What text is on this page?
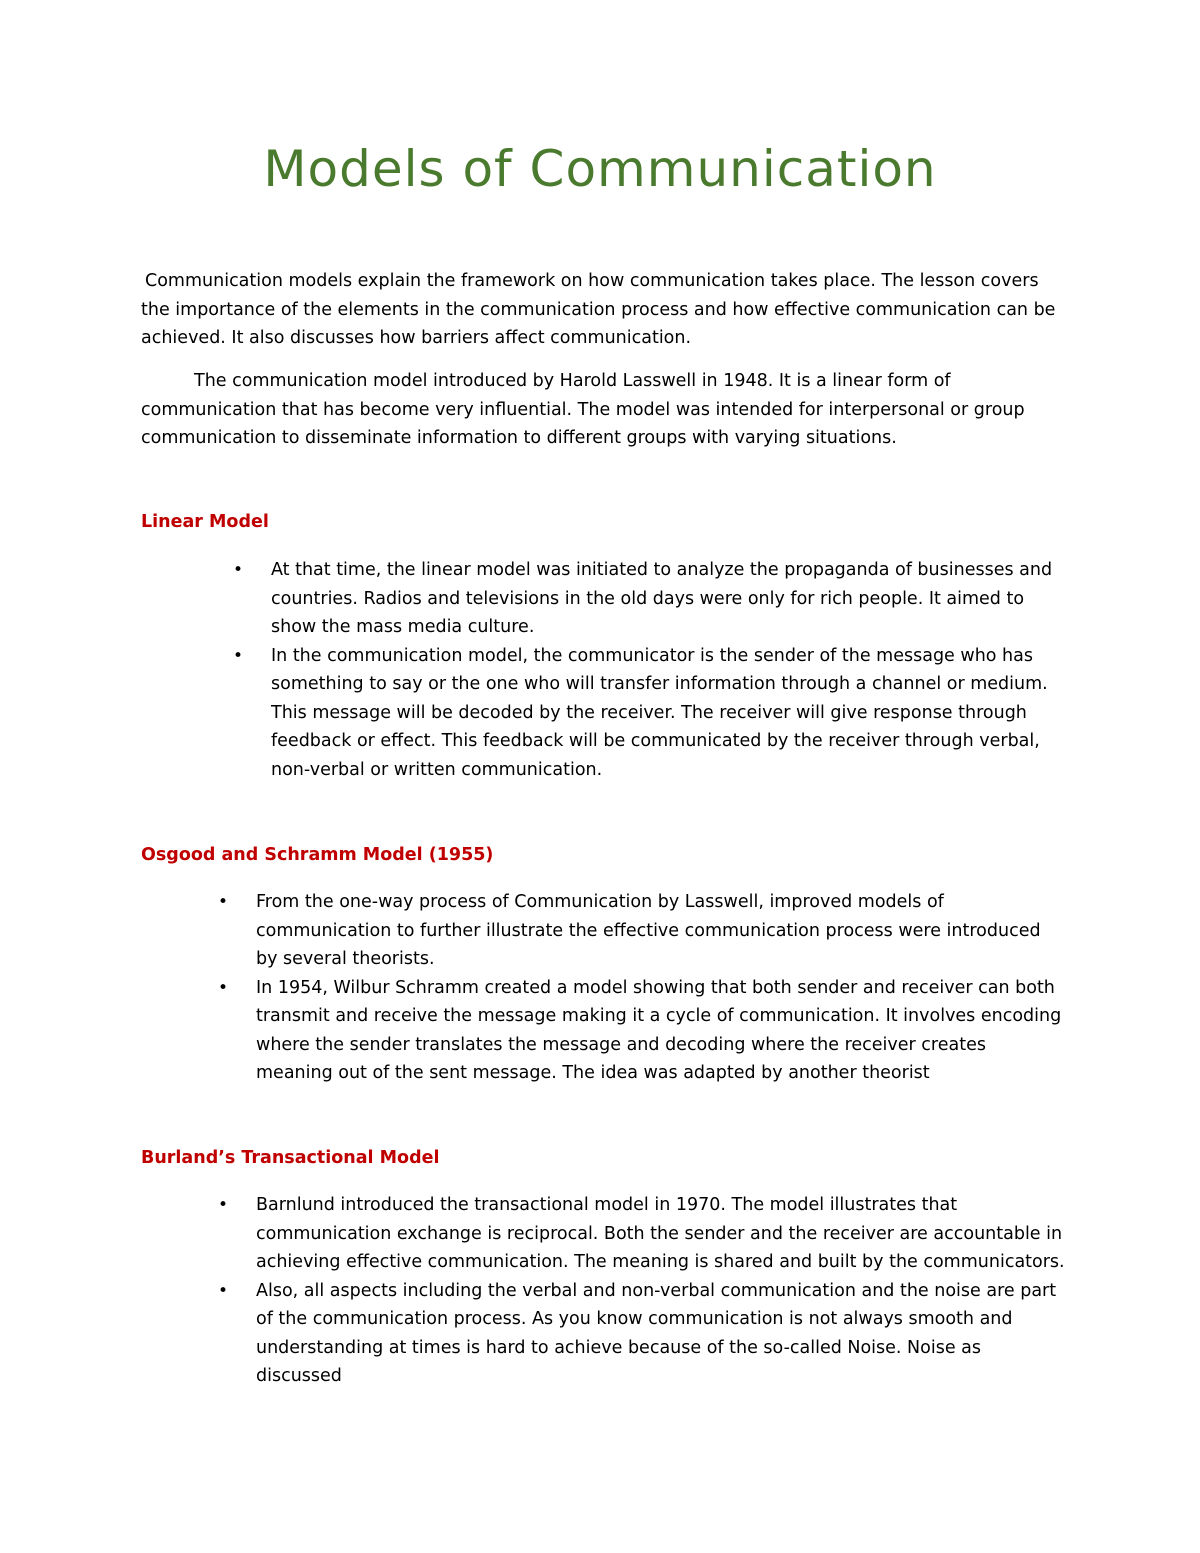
Models of Communication

Communication models explain the framework on how communication takes place. The lesson covers the importance of the elements in the communication process and how effective communication can be achieved. It also discusses how barriers affect communication.

The communication model introduced by Harold Lasswell in 1948. It is a linear form of communication that has become very influential. The model was intended for interpersonal or group communication to disseminate information to different groups with varying situations.

Linear Model

• At that time, the linear model was initiated to analyze the propaganda of businesses and countries. Radios and televisions in the old days were only for rich people. It aimed to show the mass media culture.
• In the communication model, the communicator is the sender of the message who has something to say or the one who will transfer information through a channel or medium. This message will be decoded by the receiver. The receiver will give response through feedback or effect. This feedback will be communicated by the receiver through verbal, non-verbal or written communication.

Osgood and Schramm Model (1955)

• From the one-way process of Communication by Lasswell, improved models of communication to further illustrate the effective communication process were introduced by several theorists.
• In 1954, Wilbur Schramm created a model showing that both sender and receiver can both transmit and receive the message making it a cycle of communication. It involves encoding where the sender translates the message and decoding where the receiver creates meaning out of the sent message. The idea was adapted by another theorist

Burland’s Transactional Model

• Barnlund introduced the transactional model in 1970. The model illustrates that communication exchange is reciprocal. Both the sender and the receiver are accountable in achieving effective communication. The meaning is shared and built by the communicators.
• Also, all aspects including the verbal and non-verbal communication and the noise are part of the communication process. As you know communication is not always smooth and understanding at times is hard to achieve because of the so-called Noise. Noise as discussed
